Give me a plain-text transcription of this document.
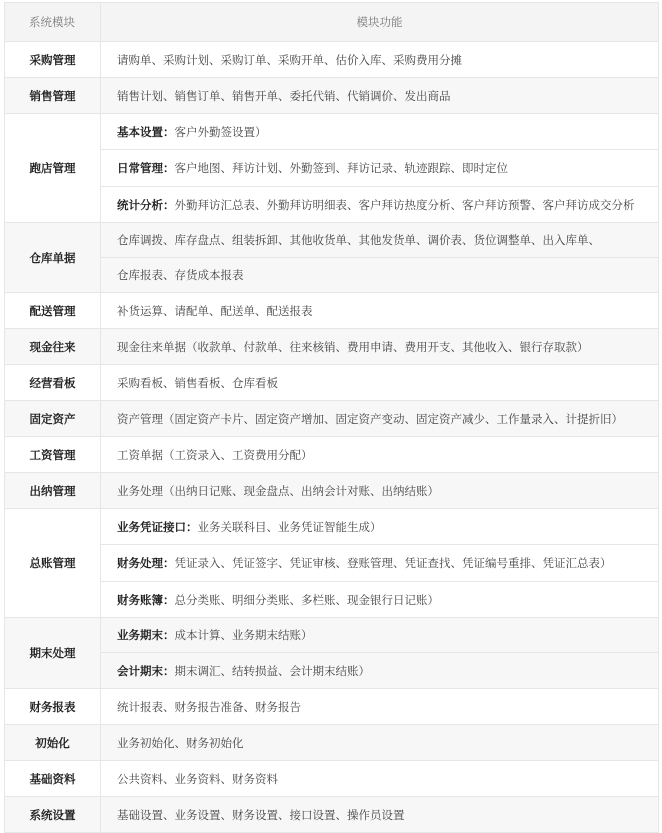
系统模块	模块功能
采购管理	请购单、采购计划、采购订单、采购开单、估价入库、采购费用分摊
销售管理	销售计划、销售订单、销售开单、委托代销、代销调价、发出商品
跑店管理	基本设置：客户外勤签设置）
	日常管理：客户地图、拜访计划、外勤签到、拜访记录、轨迹跟踪、即时定位
	统计分析：外勤拜访汇总表、外勤拜访明细表、客户拜访热度分析、客户拜访预警、客户拜访成交分析
仓库单据	仓库调拨、库存盘点、组装拆卸、其他收货单、其他发货单、调价表、货位调整单、出入库单、
	仓库报表、存货成本报表
配送管理	补货运算、请配单、配送单、配送报表
现金往来	现金往来单据（收款单、付款单、往来核销、费用申请、费用开支、其他收入、银行存取款）
经营看板	采购看板、销售看板、仓库看板
固定资产	资产管理（固定资产卡片、固定资产增加、固定资产变动、固定资产减少、工作量录入、计提折旧）
工资管理	工资单据（工资录入、工资费用分配）
出纳管理	业务处理（出纳日记账、现金盘点、出纳会计对账、出纳结账）
总账管理	业务凭证接口：业务关联科目、业务凭证智能生成）
	财务处理：凭证录入、凭证签字、凭证审核、登账管理、凭证查找、凭证编号重排、凭证汇总表）
	财务账簿：总分类账、明细分类账、多栏账、现金银行日记账）
期末处理	业务期末：成本计算、业务期末结账）
	会计期末：期末调汇、结转损益、会计期末结账）
财务报表	统计报表、财务报告准备、财务报告
初始化	业务初始化、财务初始化
基础资料	公共资料、业务资料、财务资料
系统设置	基础设置、业务设置、财务设置、接口设置、操作员设置
